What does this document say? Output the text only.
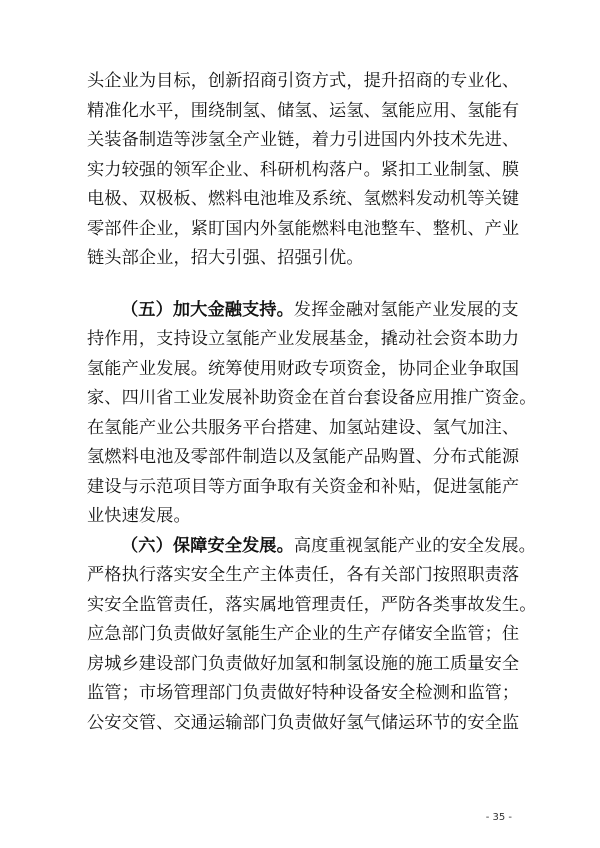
头企业为目标，创新招商引资方式，提升招商的专业化、
精准化水平，围绕制氢、储氢、运氢、氢能应用、氢能有
关装备制造等涉氢全产业链，着力引进国内外技术先进、
实力较强的领军企业、科研机构落户。紧扣工业制氢、膜
电极、双极板、燃料电池堆及系统、氢燃料发动机等关键
零部件企业，紧盯国内外氢能燃料电池整车、整机、产业
链头部企业，招大引强、招强引优。
（五）加大金融支持。发挥金融对氢能产业发展的支
持作用，支持设立氢能产业发展基金，撬动社会资本助力
氢能产业发展。统筹使用财政专项资金，协同企业争取国
家、四川省工业发展补助资金在首台套设备应用推广资金。
在氢能产业公共服务平台搭建、加氢站建设、氢气加注、
氢燃料电池及零部件制造以及氢能产品购置、分布式能源
建设与示范项目等方面争取有关资金和补贴，促进氢能产
业快速发展。
（六）保障安全发展。高度重视氢能产业的安全发展。
严格执行落实安全生产主体责任，各有关部门按照职责落
实安全监管责任，落实属地管理责任，严防各类事故发生。
应急部门负责做好氢能生产企业的生产存储安全监管；住
房城乡建设部门负责做好加氢和制氢设施的施工质量安全
监管；市场管理部门负责做好特种设备安全检测和监管；
公安交管、交通运输部门负责做好氢气储运环节的安全监
- 35 -
